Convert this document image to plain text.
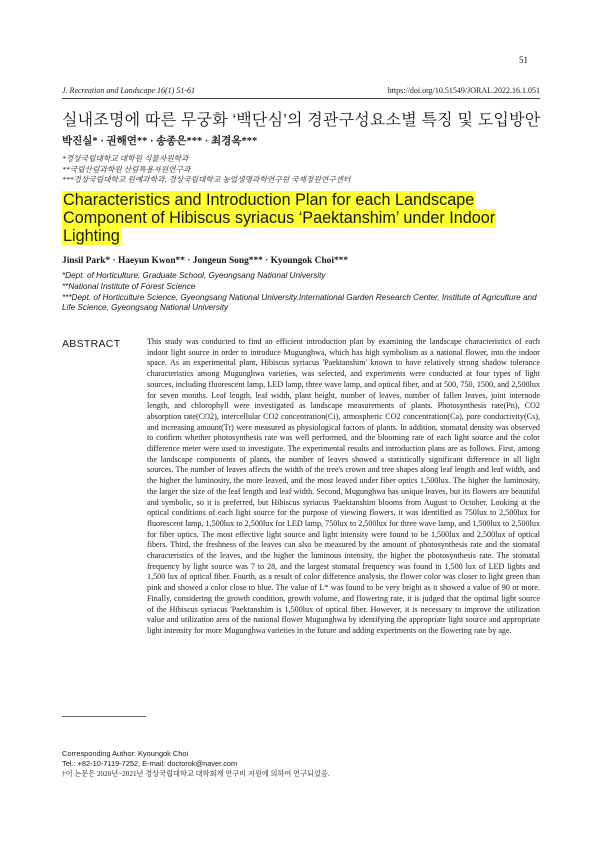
51
J. Recreation and Landscape 16(1) 51-61	https://doi.org/10.51549/JORAL.2022.16.1.051
실내조명에 따른 무궁화 ‘백단심’의 경관구성요소별 특징 및 도입방안
박진실* · 권해연** · 송종은*** · 최경옥***
*경상국립대학교 대학원 식물자원학과
**국립산림과학원 산림특용자원연구과
***경상국립대학교 원예과학과, 경상국립대학교 농업생명과학연구원 국제정원연구센터

Characteristics and Introduction Plan for each Landscape Component of Hibiscus syriacus ‘Paektanshim’ under Indoor Lighting

Jinsil Park* · Haeyun Kwon** · Jongeun Song*** · Kyoungok Choi***
*Dept. of Horticulture, Graduate School, Gyeongsang National University
**National Institute of Forest Science
***Dept. of Horticulture Science, Gyeongsang National University.International Garden Research Center, Institute of Agriculture and Life Science, Gyeongsang National University
ABSTRACT	This study was conducted to find an efficient introduction plan by examining the landscape characteristics of each indoor light source in order to introduce Mugunghwa, which has high symbolism as a national flower, into the indoor space. As an experimental plant, Hibiscus syriacus 'Paektanshim' known to have relatively strong shadow tolerance characteristics among Mugunghwa varieties, was selected, and experiments were conducted at four types of light sources, including fluorescent lamp, LED lamp, three wave lamp, and optical fiber, and at 500, 750, 1500, and 2,500lux for seven months. Leaf length, leaf width, plant height, number of leaves, number of fallen leaves, joint internode length, and chlorophyll were investigated as landscape measurements of plants. Photosynthesis rate(Pn), CO2 absorption rate(CO2), intercellular CO2 concentration(Ci), atmospheric CO2 concentration(Ca), pore conductivity(Cs), and increasing amount(Tr) were measured as physiological factors of plants. In addition, stomatal density was observed to confirm whether photosynthesis rate was well performed, and the blooming rate of each light source and the color difference meter were used to investigate. The experimental results and introduction plans are as follows. First, among the landscape components of plants, the number of leaves showed a statistically significant difference in all light sources. The number of leaves affects the width of the tree's crown and tree shapes along leaf length and leaf width, and the higher the luminosity, the more leaved, and the most leaved under fiber optics 1,500lux. The higher the luminosity, the larger the size of the leaf length and leaf width. Second, Mugunghwa has unique leaves, but its flowers are beautiful and symbolic, so it is preferred, but Hibiscus syriacus 'Paektanshim blooms from August to October. Looking at the optical conditions of each light source for the purpose of viewing flowers, it was identified as 750lux to 2,500lux for fluorescent lamp, 1,500lux to 2,500lux for LED lamp, 750lux to 2,500lux for three wave lamp, and 1,500lux to 2,500lux for fiber optics. The most effective light source and light intensity were found to be 1,500lux and 2,500lux of optical fibers. Third, the freshness of the leaves can also be measured by the amount of photosynthesis rate and the stomatal characteristics of the leaves, and the higher the luminous intensity, the higher the photosynthesis rate. The stomatal frequency by light source was 7 to 28, and the largest stomatal frequency was found in 1,500 lux of LED lights and 1,500 lux of optical fiber. Fourth, as a result of color difference analysis, the flower color was closer to light green than pink and showed a color close to blue. The value of L* was found to be very bright as it showed a value of 90 or more. Finally, considering the growth condition, growth volume, and flowering rate, it is judged that the optimal light source of the Hibiscus syriacus 'Paektanshim is 1,500lux of optical fiber. However, it is necessary to improve the utilization value and utilization area of the national flower Mugunghwa by identifying the appropriate light source and appropriate light intensity for more Mugunghwa varieties in the future and adding experiments on the flowering rate by age.

Corresponding Author: Kyoungok Choi
Tel.: +82-10-7119-7252, E-mail: doctorok@naver.com
†이 논문은 2020년~2021년 경상국립대학교 대학회계 연구비 지원에 의하여 연구되었음.
